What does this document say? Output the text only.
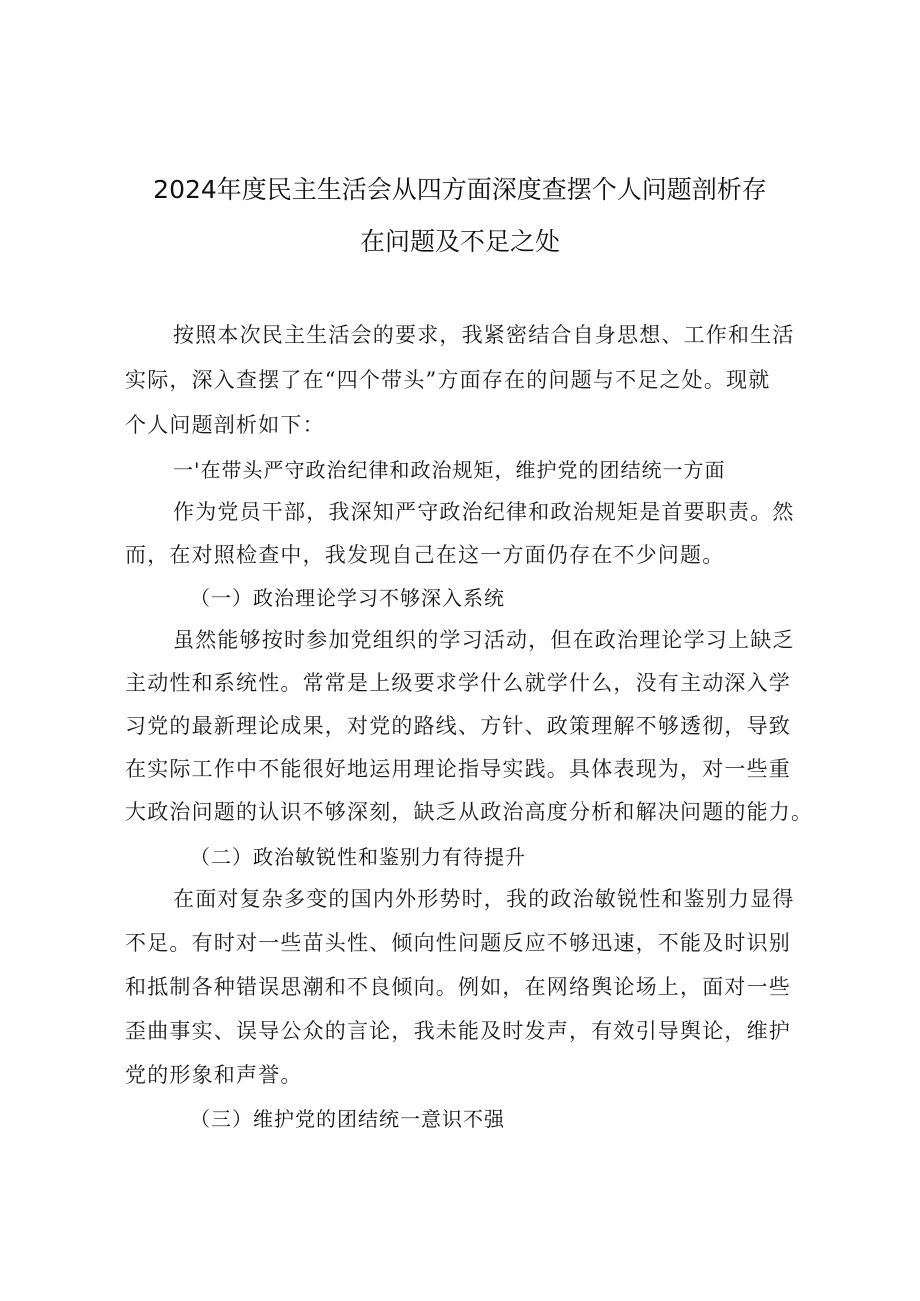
2024年度民主生活会从四方面深度查摆个人问题剖析存
在问题及不足之处
按照本次民主生活会的要求，我紧密结合自身思想、工作和生活
实际，深入查摆了在“四个带头”方面存在的问题与不足之处。现就
个人问题剖析如下：
一'在带头严守政治纪律和政治规矩，维护党的团结统一方面
作为党员干部，我深知严守政治纪律和政治规矩是首要职责。然
而，在对照检查中，我发现自己在这一方面仍存在不少问题。
（一）政治理论学习不够深入系统
虽然能够按时参加党组织的学习活动，但在政治理论学习上缺乏
主动性和系统性。常常是上级要求学什么就学什么，没有主动深入学
习党的最新理论成果，对党的路线、方针、政策理解不够透彻，导致
在实际工作中不能很好地运用理论指导实践。具体表现为，对一些重
大政治问题的认识不够深刻，缺乏从政治高度分析和解决问题的能力。
（二）政治敏锐性和鉴别力有待提升
在面对复杂多变的国内外形势时，我的政治敏锐性和鉴别力显得
不足。有时对一些苗头性、倾向性问题反应不够迅速，不能及时识别
和抵制各种错误思潮和不良倾向。例如，在网络舆论场上，面对一些
歪曲事实、误导公众的言论，我未能及时发声，有效引导舆论，维护
党的形象和声誉。
（三）维护党的团结统一意识不强
